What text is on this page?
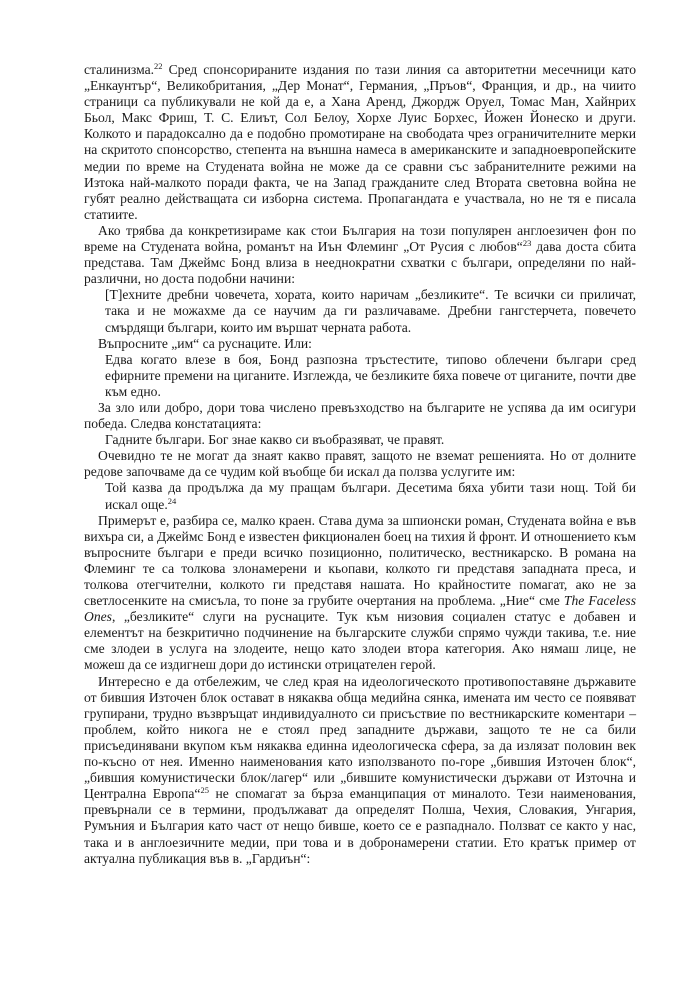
сталинизма.$^{22}$ Сред спонсорираните издания по тази линия са авторитетни месечници като „Енкаунтър“, Великобритания, „Дер Монат“, Германия, „Пръов“, Франция, и др., на чиито страници са публикували не кой да е, а Хана Аренд, Джордж Оруел, Томас Ман, Хайнрих Бьол, Макс Фриш, Т. С. Елиът, Сол Белоу, Хорхе Луис Борхес, Йожен Йонеско и други. Колкото и парадоксално да е подобно промотиране на свободата чрез ограничителните мерки на скритото спонсорство, степента на външна намеса в американските и западноевропейските медии по време на Студената война не може да се сравни със забранителните режими на Изтока най-малкото поради факта, че на Запад гражданите след Втората световна война не губят реално действащата си изборна система. Пропагандата е участвала, но не тя е писала статиите.

Ако трябва да конкретизираме как стои България на този популярен англоезичен фон по време на Студената война, романът на Иън Флеминг „От Русия с любов“$^{23}$ дава доста сбита представа. Там Джеймс Бонд влиза в нееднократни схватки с българи, определяни по най-различни, но доста подобни начини:

[Т]ехните дребни човечета, хората, които наричам „безликите“. Те всички си приличат, така и не можахме да се научим да ги различаваме. Дребни гангстерчета, повечето смърдящи българи, които им вършат черната работа.

Въпросните „им“ са руснаците. Или:

Едва когато влезе в боя, Бонд разпозна тръстестите, типово облечени българи сред ефирните премени на циганите. Изглежда, че безликите бяха повече от циганите, почти две към едно.

За зло или добро, дори това числено превъзходство на българите не успява да им осигури победа. Следва констатацията:

Гадните българи. Бог знае какво си въобразяват, че правят.

Очевидно те не могат да знаят какво правят, защото не вземат решенията. Но от долните редове започваме да се чудим кой въобще би искал да ползва услугите им:

Той казва да продължа да му пращам българи. Десетима бяха убити тази нощ. Той би искал още.$^{24}$

Примерът е, разбира се, малко краен. Става дума за шпионски роман, Студената война е във вихъра си, а Джеймс Бонд е известен фикционален боец на тихия й фронт. И отношението към въпросните българи е преди всичко позиционно, политическо, вестникарско. В романа на Флеминг те са толкова злонамерени и кьопави, колкото ги представя западната преса, и толкова отегчителни, колкото ги представя нашата. Но крайностите помагат, ако не за светлосенките на смисъла, то поне за грубите очертания на проблема. „Ние“ сме The Faceless Ones, „безликите“ слуги на руснаците. Тук към низовия социален статус е добавен и елементът на безкритично подчинение на българските служби спрямо чужди такива, т.е. ние сме злодеи в услуга на злодеите, нещо като злодеи втора категория. Ако нямаш лице, не можеш да се издигнеш дори до истински отрицателен герой.

Интересно е да отбележим, че след края на идеологическото противопоставяне държавите от бившия Източен блок остават в някаква обща медийна сянка, имената им често се появяват групирани, трудно възвръщат индивидуалното си присъствие по вестникарските коментари – проблем, който никога не е стоял пред западните държави, защото те не са били присъединявани вкупом към някаква единна идеологическа сфера, за да излязат половин век по-късно от нея. Именно наименования като използваното по-горе „бившия Източен блок“, „бившия комунистически блок/лагер“ или „бившите комунистически държави от Източна и Централна Европа“$^{25}$ не спомагат за бърза еманципация от миналото. Тези наименования, превърнали се в термини, продължават да определят Полша, Чехия, Словакия, Унгария, Румъния и България като част от нещо бивше, което се е разпаднало. Ползват се както у нас, така и в англоезичните медии, при това и в добронамерени статии. Ето кратък пример от актуална публикация във в. „Гардиън“:
